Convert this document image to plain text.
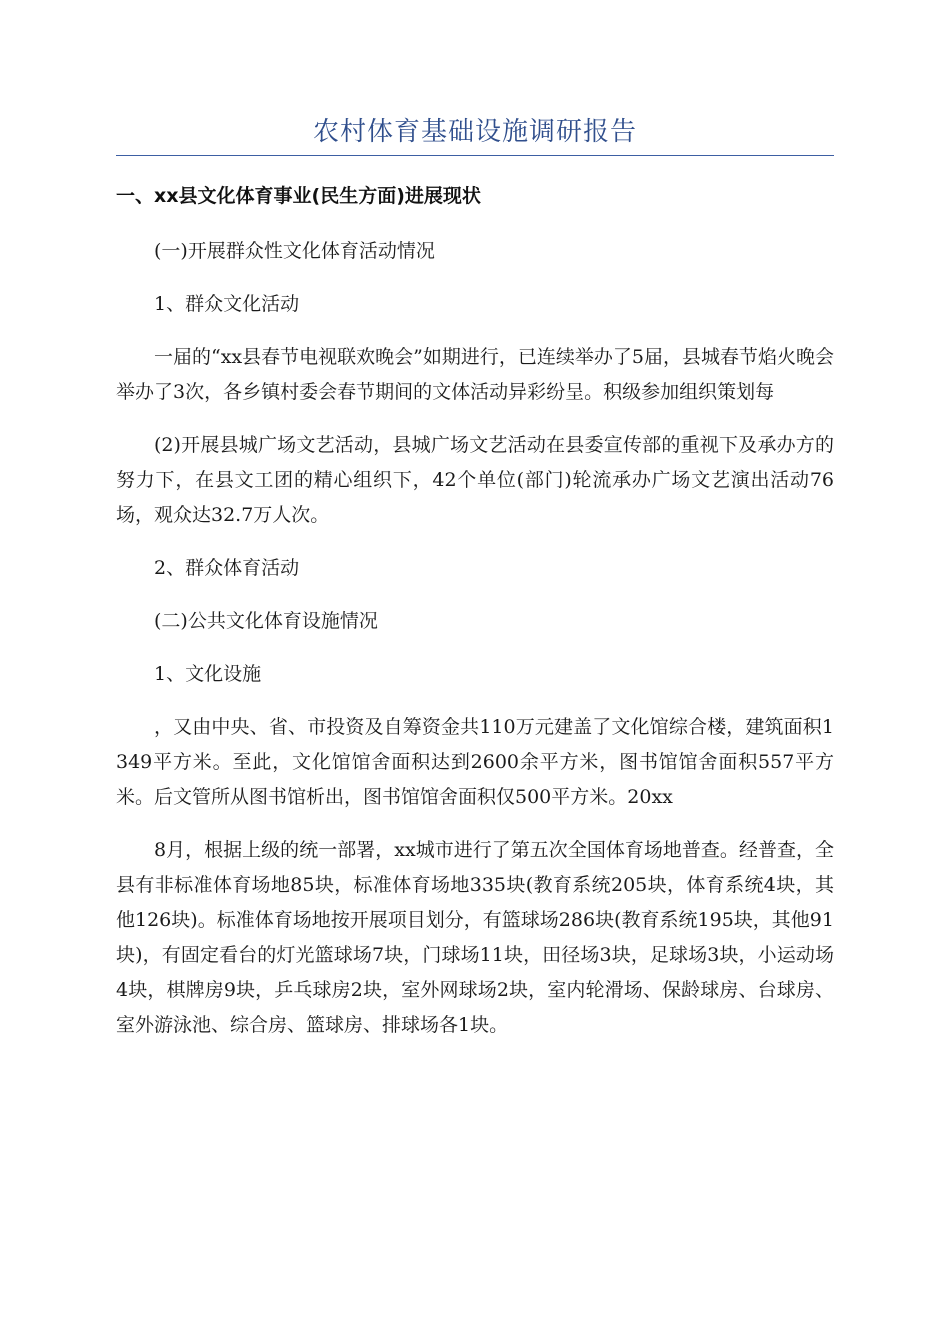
农村体育基础设施调研报告
一、xx县文化体育事业(民生方面)进展现状

(一)开展群众性文化体育活动情况

1、群众文化活动

一届的“xx县春节电视联欢晚会”如期进行，已连续举办了5届，县城春节焰火晚会举办了3次，各乡镇村委会春节期间的文体活动异彩纷呈。积级参加组织策划每

(2)开展县城广场文艺活动，县城广场文艺活动在县委宣传部的重视下及承办方的努力下，在县文工团的精心组织下，42个单位(部门)轮流承办广场文艺演出活动76场，观众达32.7万人次。

2、群众体育活动

(二)公共文化体育设施情况

1、文化设施

，又由中央、省、市投资及自筹资金共110万元建盖了文化馆综合楼，建筑面积1349平方米。至此，文化馆馆舍面积达到2600余平方米，图书馆馆舍面积557平方米。后文管所从图书馆析出，图书馆馆舍面积仅500平方米。20xx

8月，根据上级的统一部署，xx城市进行了第五次全国体育场地普查。经普查，全县有非标准体育场地85块，标准体育场地335块(教育系统205块，体育系统4块，其他126块)。标准体育场地按开展项目划分，有篮球场286块(教育系统195块，其他91块)，有固定看台的灯光篮球场7块，门球场11块，田径场3块，足球场3块，小运动场4块，棋牌房9块，乒乓球房2块，室外网球场2块，室内轮滑场、保龄球房、台球房、室外游泳池、综合房、篮球房、排球场各1块。
